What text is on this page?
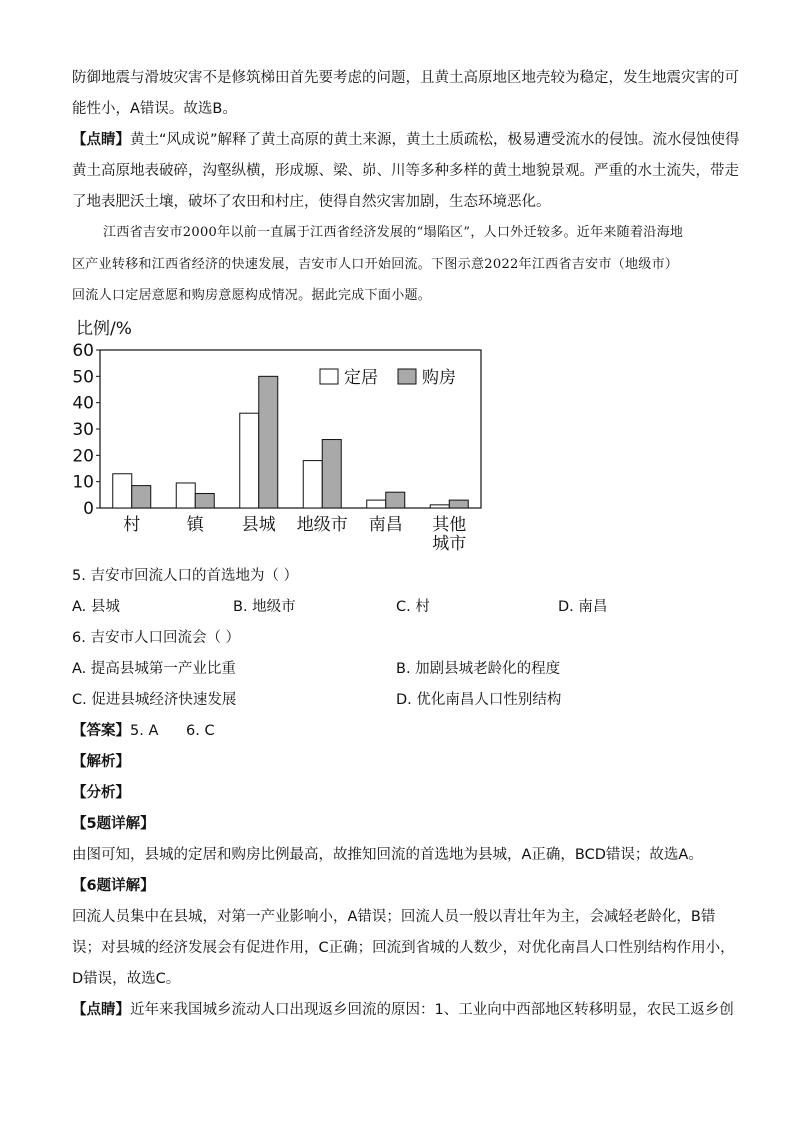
防御地震与滑坡灾害不是修筑梯田首先要考虑的问题，且黄土高原地区地壳较为稳定，发生地震灾害的可
能性小，A错误。故选B。
【点睛】黄土“风成说”解释了黄土高原的黄土来源，黄土土质疏松，极易遭受流水的侵蚀。流水侵蚀使得
黄土高原地表破碎，沟壑纵横，形成塬、梁、峁、川等多种多样的黄土地貌景观。严重的水土流失，带走
了地表肥沃土壤，破坏了农田和村庄，使得自然灾害加剧，生态环境恶化。
江西省吉安市2000年以前一直属于江西省经济发展的“塌陷区”，人口外迁较多。近年来随着沿海地
区产业转移和江西省经济的快速发展，吉安市人口开始回流。下图示意2022年江西省吉安市（地级市）
回流人口定居意愿和购房意愿构成情况。据此完成下面小题。
比例/%
0
10
20
30
40
50
60
村	镇 县城 地级市 南昌 其他
城市
定居	购房
5. 吉安市回流人口的首选地为（ ）
A. 县城	B. 地级市	C. 村	D. 南昌
6. 吉安市人口回流会（ ）
A. 提高县城第一产业比重	B. 加剧县城老龄化的程度
C. 促进县城经济快速发展	D. 优化南昌人口性别结构
【答案】5. A      6. C
【解析】
【分析】
【5题详解】
由图可知，县城的定居和购房比例最高，故推知回流的首选地为县城，A正确，BCD错误；故选A。
【6题详解】
回流人员集中在县城，对第一产业影响小，A错误；回流人员一般以青壮年为主，会减轻老龄化，B错
误；对县城的经济发展会有促进作用，C正确；回流到省城的人数少，对优化南昌人口性别结构作用小，
D错误，故选C。
【点睛】近年来我国城乡流动人口出现返乡回流的原因：1、工业向中西部地区转移明显，农民工返乡创
